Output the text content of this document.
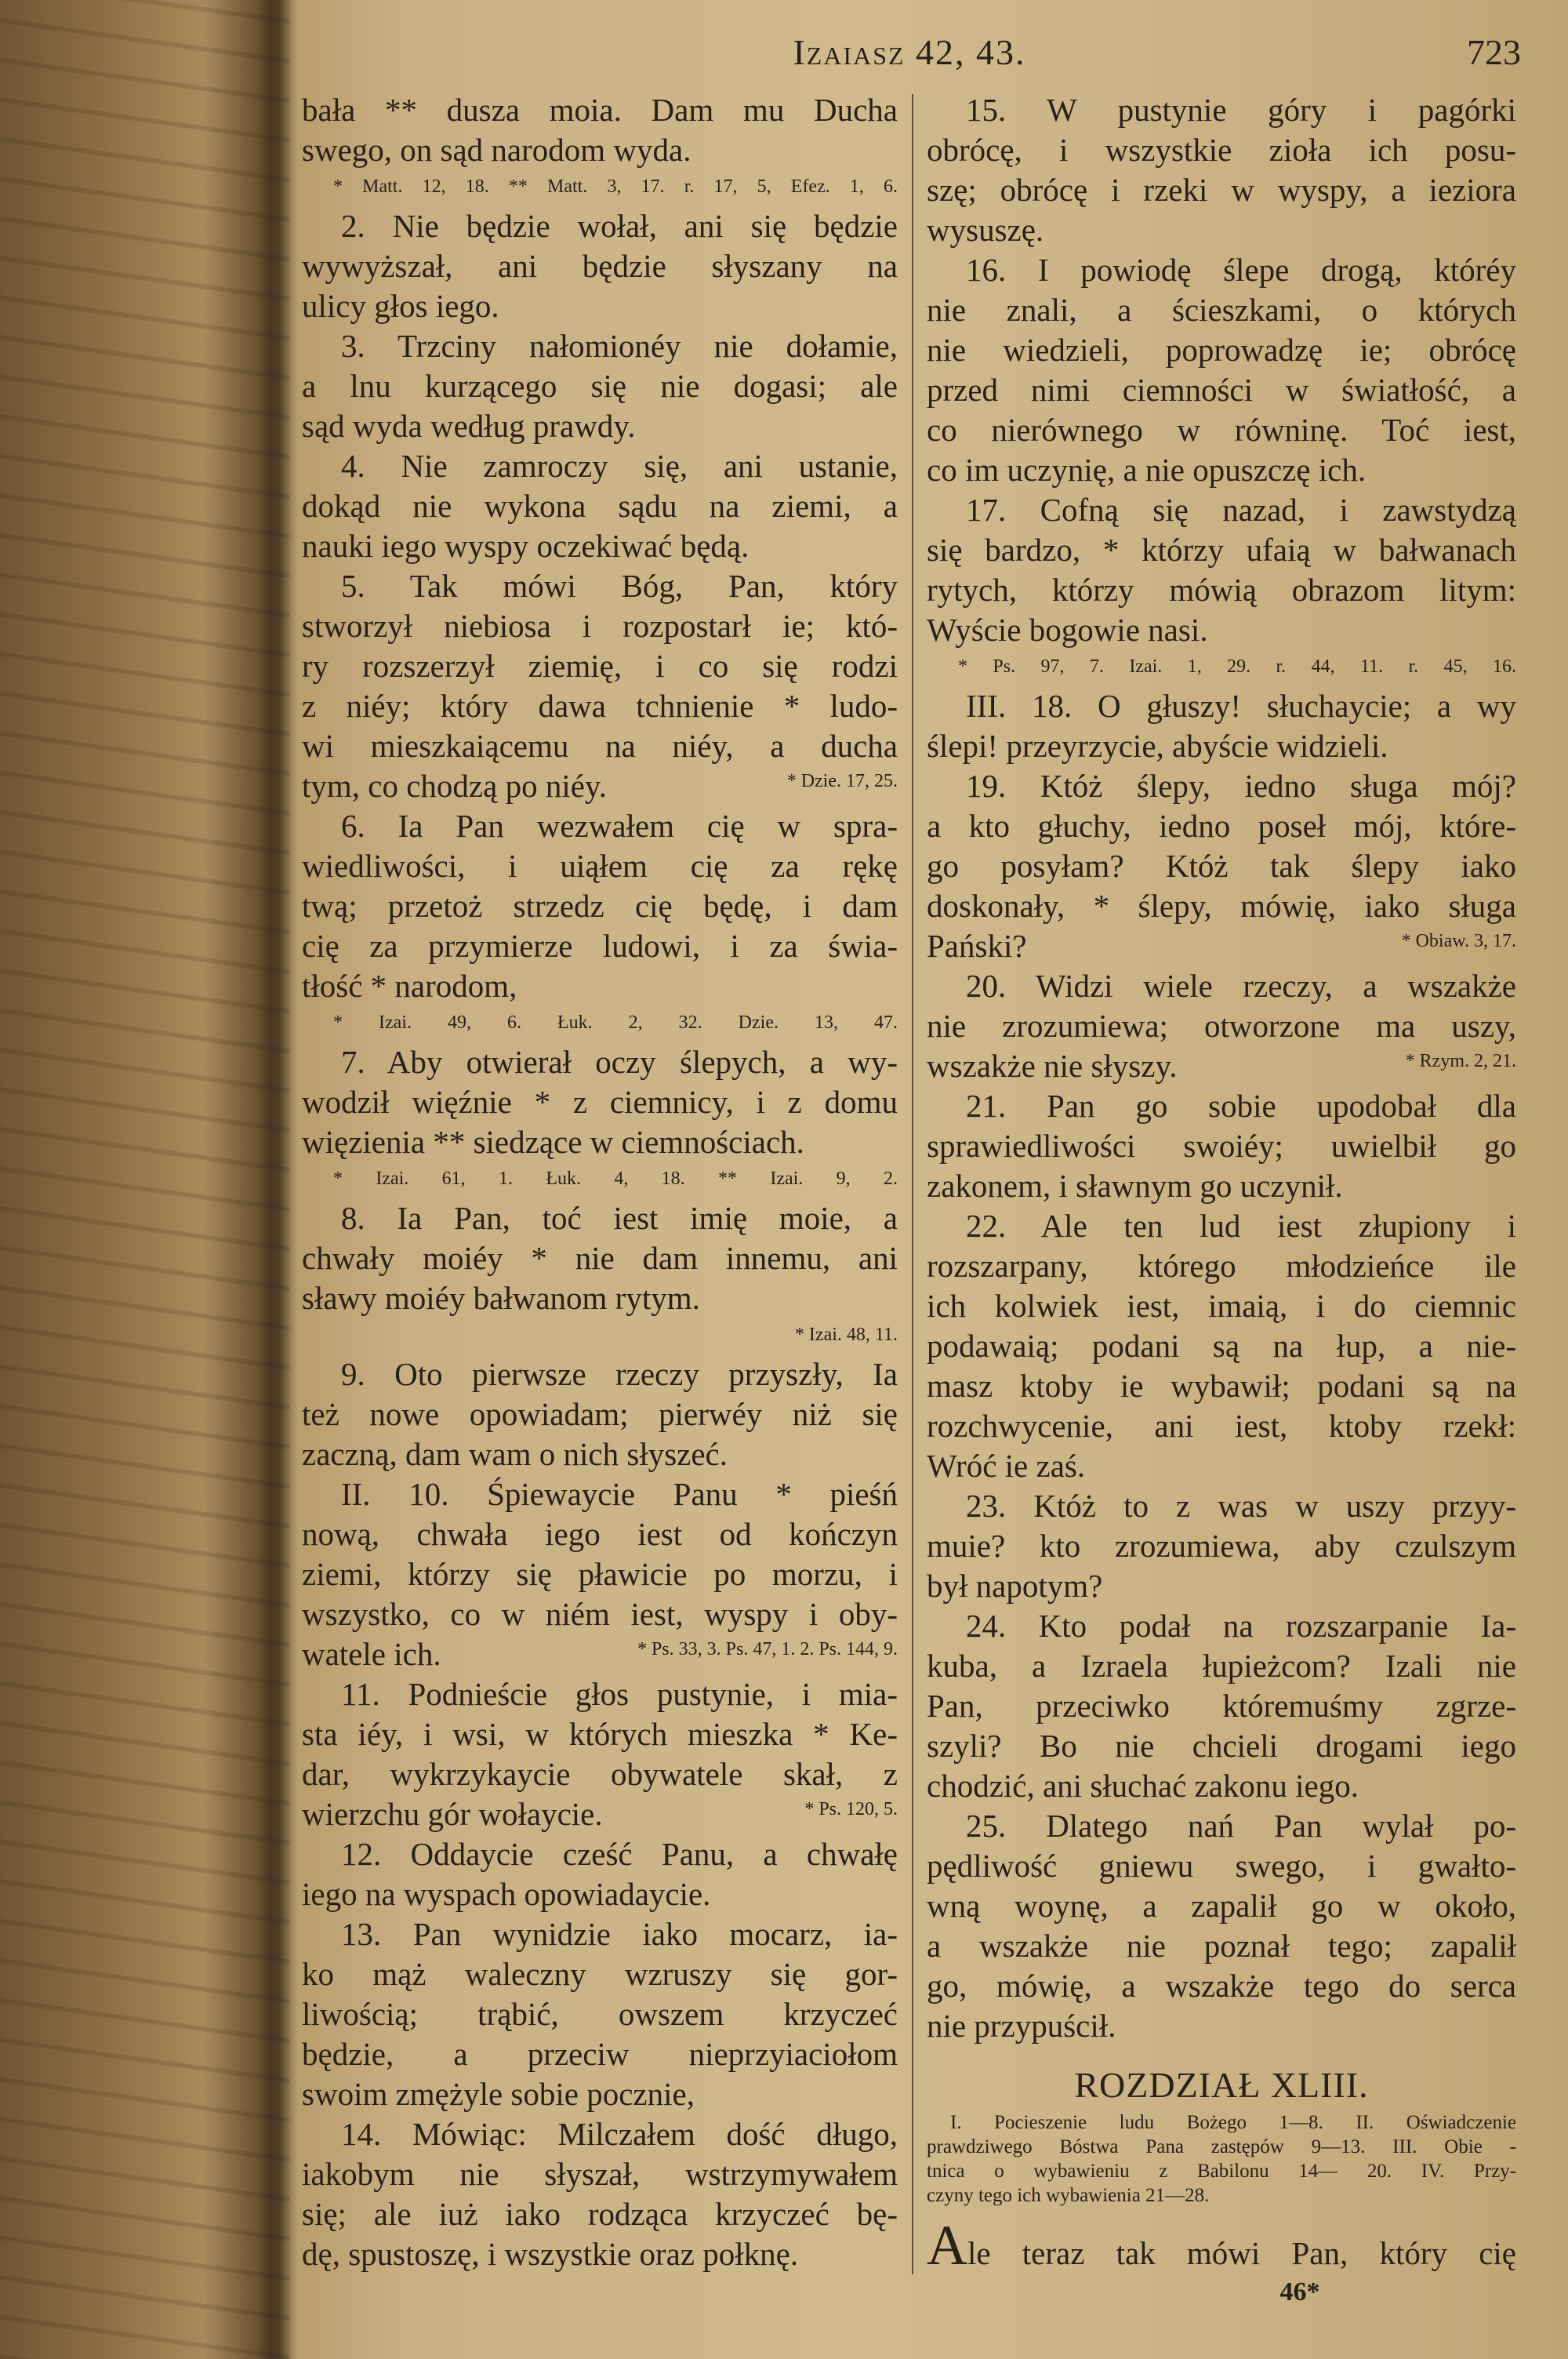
Izaiasz 42, 43.	723
bała ** dusza moia. Dam mu Ducha
swego, on sąd narodom wyda.
* Matt. 12, 18. ** Matt. 3, 17. r. 17, 5, Efez. 1, 6.
2. Nie będzie wołał, ani się będzie
wywyższał, ani będzie słyszany na
ulicy głos iego.
3. Trzciny nałomionéy nie dołamie,
a lnu kurzącego się nie dogasi; ale
sąd wyda według prawdy.
4. Nie zamroczy się, ani ustanie,
dokąd nie wykona sądu na ziemi, a
nauki iego wyspy oczekiwać będą.
5. Tak mówi Bóg, Pan, który
stworzył niebiosa i rozpostarł ie; któ-
ry rozszerzył ziemię, i co się rodzi
z niéy; który dawa tchnienie * ludo-
wi mieszkaiącemu na niéy, a ducha
tym, co chodzą po niéy.	* Dzie. 17, 25.
6. Ia Pan wezwałem cię w spra-
wiedliwości, i uiąłem cię za rękę
twą; przetoż strzedz cię będę, i dam
cię za przymierze ludowi, i za świa-
tłość * narodom,
* Izai. 49, 6. Łuk. 2, 32. Dzie. 13, 47.
7. Aby otwierał oczy ślepych, a wy-
wodził więźnie * z ciemnicy, i z domu
więzienia ** siedzące w ciemnościach.
* Izai. 61, 1. Łuk. 4, 18. ** Izai. 9, 2.
8. Ia Pan, toć iest imię moie, a
chwały moiéy * nie dam innemu, ani
sławy moiéy bałwanom rytym.
* Izai. 48, 11.
9. Oto pierwsze rzeczy przyszły, Ia
też nowe opowiadam; pierwéy niż się
zaczną, dam wam o nich słyszeć.
II. 10. Śpiewaycie Panu * pieśń
nową, chwała iego iest od kończyn
ziemi, którzy się pławicie po morzu, i
wszystko, co w niém iest, wyspy i oby-
watele ich.	* Ps. 33, 3. Ps. 47, 1. 2. Ps. 144, 9.
11. Podnieście głos pustynie, i mia-
sta iéy, i wsi, w których mieszka * Ke-
dar, wykrzykaycie obywatele skał, z
wierzchu gór wołaycie.	* Ps. 120, 5.
12. Oddaycie cześć Panu, a chwałę
iego na wyspach opowiadaycie.
13. Pan wynidzie iako mocarz, ia-
ko mąż waleczny wzruszy się gor-
liwością; trąbić, owszem krzyczeć
będzie, a przeciw nieprzyiaciołom
swoim zmężyle sobie pocznie,
14. Mówiąc: Milczałem dość długo,
iakobym nie słyszał, wstrzymywałem
się; ale iuż iako rodząca krzyczeć bę-
dę, spustoszę, i wszystkie oraz połknę.
15. W pustynie góry i pagórki
obrócę, i wszystkie zioła ich posu-
szę; obrócę i rzeki w wyspy, a ieziora
wysuszę.
16. I powiodę ślepe drogą, któréy
nie znali, a ścieszkami, o których
nie wiedzieli, poprowadzę ie; obrócę
przed nimi ciemności w światłość, a
co nierównego w równinę. Toć iest,
co im uczynię, a nie opuszczę ich.
17. Cofną się nazad, i zawstydzą
się bardzo, * którzy ufaią w bałwanach
rytych, którzy mówią obrazom litym:
Wyście bogowie nasi.
* Ps. 97, 7. Izai. 1, 29. r. 44, 11. r. 45, 16.
III. 18. O głuszy! słuchaycie; a wy
ślepi! przeyrzycie, abyście widzieli.
19. Któż ślepy, iedno sługa mój?
a kto głuchy, iedno poseł mój, które-
go posyłam? Któż tak ślepy iako
doskonały, * ślepy, mówię, iako sługa
Pański?	* Obiaw. 3, 17.
20. Widzi wiele rzeczy, a wszakże
nie zrozumiewa; otworzone ma uszy,
wszakże nie słyszy.	* Rzym. 2, 21.
21. Pan go sobie upodobał dla
sprawiedliwości swoiéy; uwielbił go
zakonem, i sławnym go uczynił.
22. Ale ten lud iest złupiony i
rozszarpany, którego młodzieńce ile
ich kolwiek iest, imaią, i do ciemnic
podawaią; podani są na łup, a nie-
masz ktoby ie wybawił; podani są na
rozchwycenie, ani iest, ktoby rzekł:
Wróć ie zaś.
23. Któż to z was w uszy przyy-
muie? kto zrozumiewa, aby czulszym
był napotym?
24. Kto podał na rozszarpanie Ia-
kuba, a Izraela łupieżcom? Izali nie
Pan, przeciwko któremuśmy zgrze-
szyli? Bo nie chcieli drogami iego
chodzić, ani słuchać zakonu iego.
25. Dlatego nań Pan wylał po-
pędliwość gniewu swego, i gwałto-
wną woynę, a zapalił go w około,
a wszakże nie poznał tego; zapalił
go, mówię, a wszakże tego do serca
nie przypuścił.
ROZDZIAŁ XLIII.
I. Pocieszenie ludu Bożego 1—8. II. Oświadczenie
prawdziwego Bóstwa Pana zastępów 9—13. III. Obie -
tnica o wybawieniu z Babilonu 14— 20. IV. Przy-
czyny tego ich wybawienia 21—28.
Ale teraz tak mówi Pan, który cię
46*
